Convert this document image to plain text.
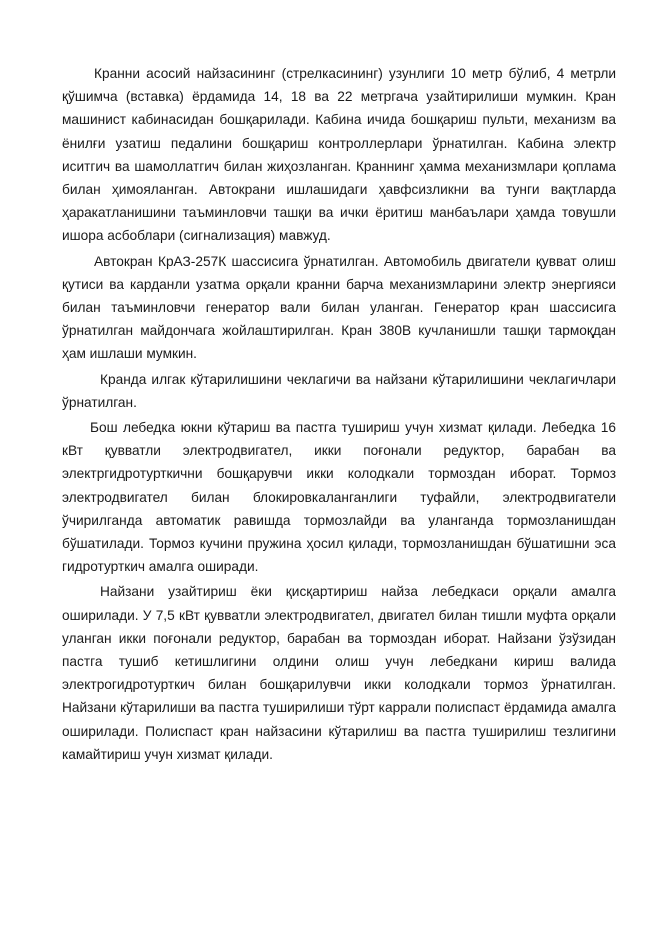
Кранни асосий найзасининг (стрелкасининг) узунлиги 10 метр бўлиб, 4 метрли қўшимча (вставка) ёрдамида 14, 18 ва 22 метргача узайтирилиши мумкин. Кран машинист кабинасидан бошқарилади. Кабина ичида бошқариш пульти, механизм ва ёнилғи узатиш педалини бошқариш контроллерлари ўрнатилган. Кабина электр иситгич ва шамоллатгич билан жиҳозланган. Краннинг ҳамма механизмлари қоплама билан ҳимояланган. Автокрани ишлашидаги ҳавфсизликни ва тунги вақтларда ҳаракатланишини таъминловчи ташқи ва ички ёритиш манбаълари ҳамда товушли ишора асбоблари (сигнализация) мавжуд.

Автокран КрАЗ-257К шассисига ўрнатилган. Автомобиль двигатели қувват олиш қутиси ва карданли узатма орқали кранни барча механизмларини электр энергияси билан таъминловчи генератор вали билан уланган. Генератор кран шассисига ўрнатилган майдончага жойлаштирилган. Кран 380В кучланишли ташқи тармоқдан ҳам ишлаши мумкин.

Кранда илгак кўтарилишини чеклагичи ва найзани кўтарилишини чеклагичлари ўрнатилган.

Бош лебедка юкни кўтариш ва пастга тушириш учун хизмат қилади. Лебедка 16 кВт қувватли электродвигател, икки поғонали редуктор, барабан ва электргидротурткични бошқарувчи икки колодкали тормоздан иборат. Тормоз электродвигател билан блокировкаланганлиги туфайли, электродвигатели ўчирилганда автоматик равишда тормозлайди ва уланганда тормозланишдан бўшатилади. Тормоз кучини пружина ҳосил қилади, тормозланишдан бўшатишни эса гидротурткич амалга оширади.

Найзани узайтириш ёки қисқартириш найза лебедкаси орқали амалга оширилади. У 7,5 кВт қувватли электродвигател, двигател билан тишли муфта орқали уланган икки поғонали редуктор, барабан ва тормоздан иборат. Найзани ўзўзидан пастга тушиб кетишлигини олдини олиш учун лебедкани кириш валида электрогидротурткич билан бошқарилувчи икки колодкали тормоз ўрнатилган. Найзани кўтарилиши ва пастга туширилиши тўрт каррали полиспаст ёрдамида амалга оширилади. Полиспаст кран найзасини кўтарилиш ва пастга туширилиш тезлигини камайтириш учун хизмат қилади.
